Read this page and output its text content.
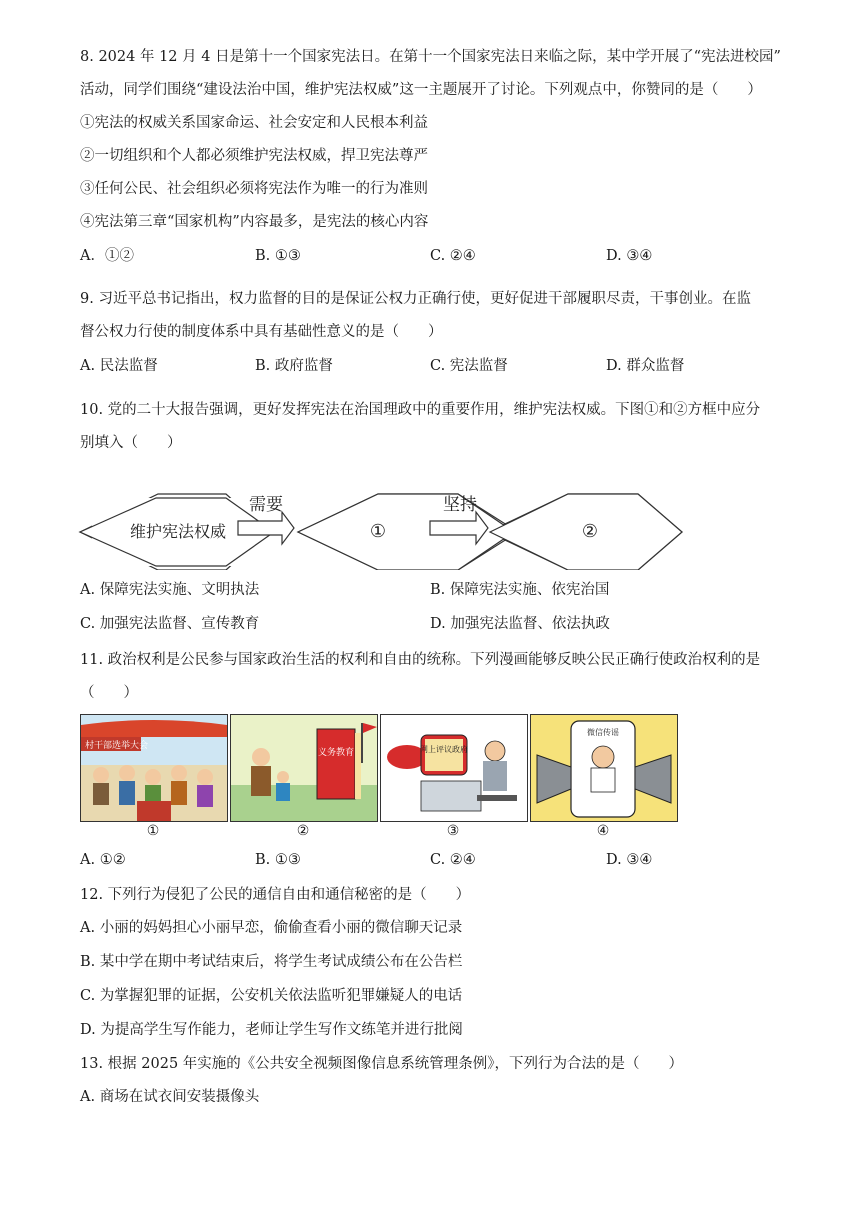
8. 2024 年 12 月 4 日是第十一个国家宪法日。在第十一个国家宪法日来临之际，某中学开展了“宪法进校园”
活动，同学们围绕“建设法治中国，维护宪法权威”这一主题展开了讨论。下列观点中，你赞同的是（　　）
①宪法的权威关系国家命运、社会安定和人民根本利益
②一切组织和个人都必须维护宪法权威，捍卫宪法尊严
③任何公民、社会组织必须将宪法作为唯一的行为准则
④宪法第三章“国家机构”内容最多，是宪法的核心内容
A．①②	B. ①③	C. ②④	D. ③④
9. 习近平总书记指出，权力监督的目的是保证公权力正确行使，更好促进干部履职尽责，干事创业。在监
督公权力行使的制度体系中具有基础性意义的是（　　）
A. 民法监督	B. 政府监督	C. 宪法监督	D. 群众监督
10. 党的二十大报告强调，更好发挥宪法在治国理政中的重要作用，维护宪法权威。下图①和②方框中应分
别填入（　　）
维护宪法权威
需要
①
坚持
②
A. 保障宪法实施、文明执法	B. 保障宪法实施、依宪治国
C. 加强宪法监督、宣传教育	D. 加强宪法监督、依法执政
11. 政治权利是公民参与国家政治生活的权利和自由的统称。下列漫画能够反映公民正确行使政治权利的是
（　　）
村干部选举大会
①
义务教育
②
网上评议政府
③
微信传谣
④
A. ①②	B. ①③	C. ②④	D. ③④
12. 下列行为侵犯了公民的通信自由和通信秘密的是（　　）
A. 小丽的妈妈担心小丽早恋，偷偷查看小丽的微信聊天记录
B. 某中学在期中考试结束后，将学生考试成绩公布在公告栏
C. 为掌握犯罪的证据，公安机关依法监听犯罪嫌疑人的电话
D. 为提高学生写作能力，老师让学生写作文练笔并进行批阅
13. 根据 2025 年实施的《公共安全视频图像信息系统管理条例》，下列行为合法的是（　　）
A. 商场在试衣间安装摄像头
